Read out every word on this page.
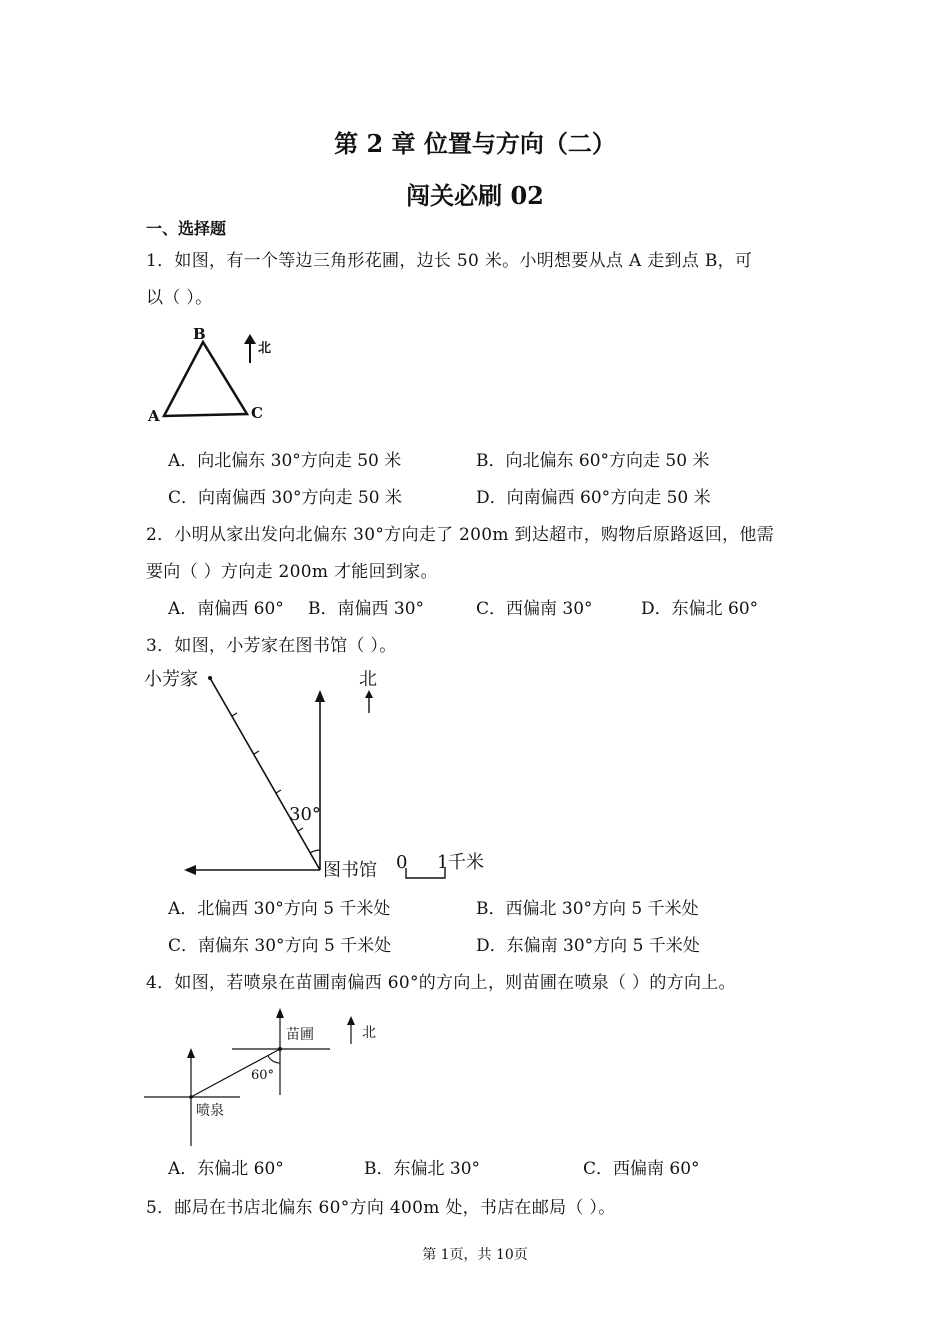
第 2 章 位置与方向（二）
闯关必刷 02
一、选择题
1．如图，有一个等边三角形花圃，边长 50 米。小明想要从点 A 走到点 B，可
以（ ）。
A
B
C
北
A．向北偏东 30°方向走 50 米	B．向北偏东 60°方向走 50 米
C．向南偏西 30°方向走 50 米	D．向南偏西 60°方向走 50 米
2．小明从家出发向北偏东 30°方向走了 200m 到达超市，购物后原路返回，他需
要向（ ）方向走 200m 才能回到家。
A．南偏西 60° B．南偏西 30°	C．西偏南 30°	D．东偏北 60°
3．如图，小芳家在图书馆（ ）。
30°
小芳家
图书馆
北
0 1 千米
A．北偏西 30°方向 5 千米处	B．西偏北 30°方向 5 千米处
C．南偏东 30°方向 5 千米处	D．东偏南 30°方向 5 千米处
4．如图，若喷泉在苗圃南偏西 60°的方向上，则苗圃在喷泉（ ）的方向上。
60°
苗圃
喷泉
北
A．东偏北 60°	B．东偏北 30°	C．西偏南 60°
5．邮局在书店北偏东 60°方向 400m 处，书店在邮局（ ）。
第 1页，共 10页
